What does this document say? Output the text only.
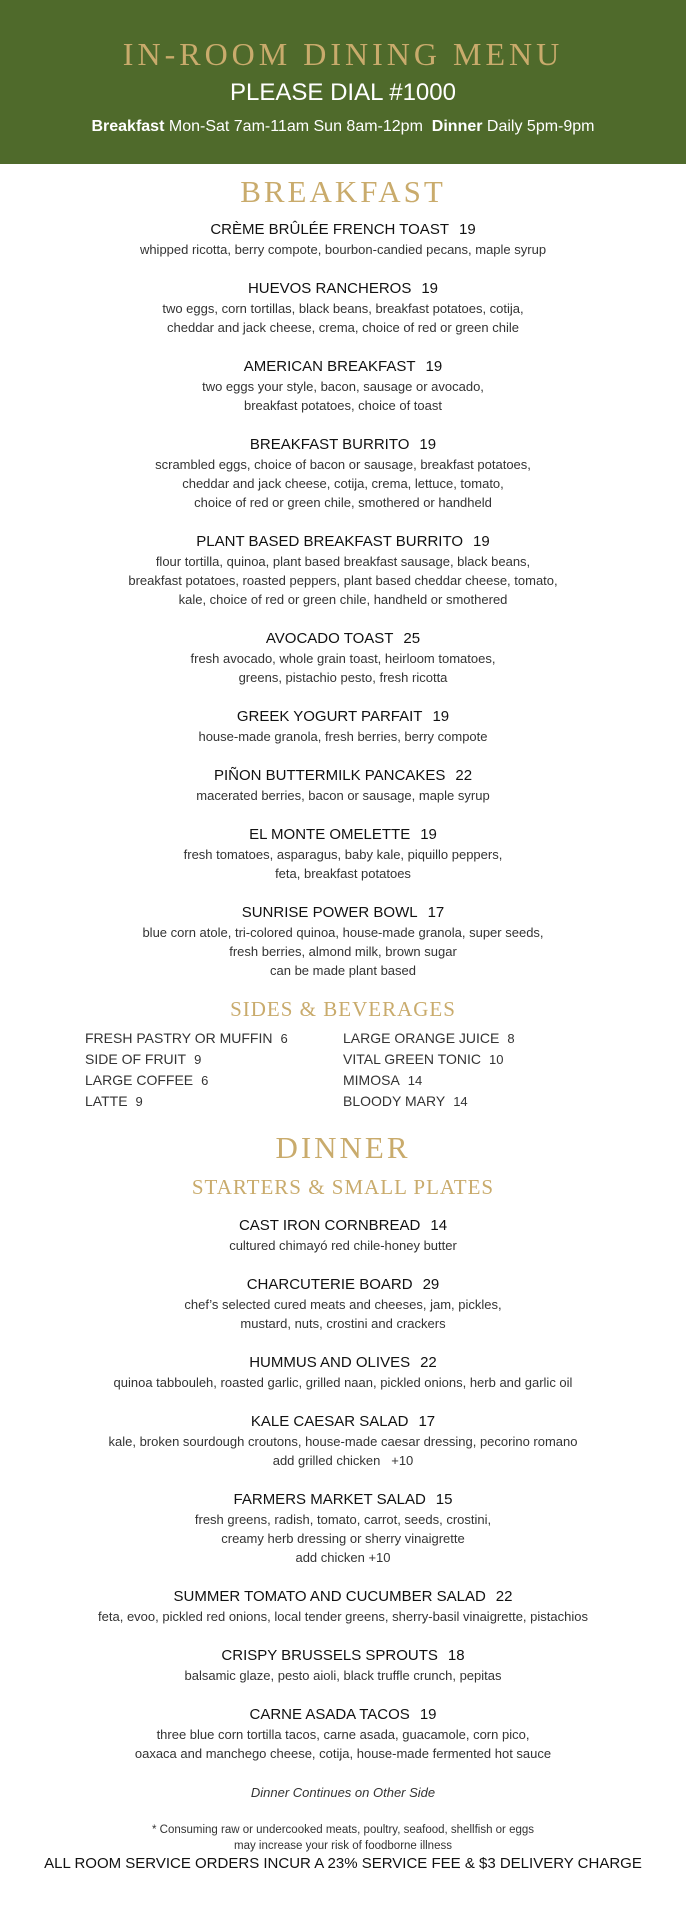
IN-ROOM DINING MENU
PLEASE DIAL #1000
Breakfast Mon-Sat 7am-11am Sun 8am-12pm Dinner Daily 5pm-9pm
BREAKFAST
CRÈME BRÛLÉE FRENCH TOAST 19
whipped ricotta, berry compote, bourbon-candied pecans, maple syrup
HUEVOS RANCHEROS 19
two eggs, corn tortillas, black beans, breakfast potatoes, cotija,
cheddar and jack cheese, crema, choice of red or green chile
AMERICAN BREAKFAST 19
two eggs your style, bacon, sausage or avocado,
breakfast potatoes, choice of toast
BREAKFAST BURRITO 19
scrambled eggs, choice of bacon or sausage, breakfast potatoes,
cheddar and jack cheese, cotija, crema, lettuce, tomato,
choice of red or green chile, smothered or handheld
PLANT BASED BREAKFAST BURRITO 19
flour tortilla, quinoa, plant based breakfast sausage, black beans,
breakfast potatoes, roasted peppers, plant based cheddar cheese, tomato,
kale, choice of red or green chile, handheld or smothered
AVOCADO TOAST 25
fresh avocado, whole grain toast, heirloom tomatoes,
greens, pistachio pesto, fresh ricotta
GREEK YOGURT PARFAIT 19
house-made granola, fresh berries, berry compote
PIÑON BUTTERMILK PANCAKES 22
macerated berries, bacon or sausage, maple syrup
EL MONTE OMELETTE 19
fresh tomatoes, asparagus, baby kale, piquillo peppers,
feta, breakfast potatoes
SUNRISE POWER BOWL 17
blue corn atole, tri-colored quinoa, house-made granola, super seeds,
fresh berries, almond milk, brown sugar
can be made plant based
SIDES & BEVERAGES
FRESH PASTRY OR MUFFIN 6
SIDE OF FRUIT 9
LARGE COFFEE 6
LATTE 9
LARGE ORANGE JUICE 8
VITAL GREEN TONIC 10
MIMOSA 14
BLOODY MARY 14
DINNER
STARTERS & SMALL PLATES
CAST IRON CORNBREAD 14
cultured chimayó red chile-honey butter
CHARCUTERIE BOARD 29
chef’s selected cured meats and cheeses, jam, pickles,
mustard, nuts, crostini and crackers
HUMMUS AND OLIVES 22
quinoa tabbouleh, roasted garlic, grilled naan, pickled onions, herb and garlic oil
KALE CAESAR SALAD 17
kale, broken sourdough croutons, house-made caesar dressing, pecorino romano
add grilled chicken   +10
FARMERS MARKET SALAD 15
fresh greens, radish, tomato, carrot, seeds, crostini,
creamy herb dressing or sherry vinaigrette
add chicken +10
SUMMER TOMATO AND CUCUMBER SALAD 22
feta, evoo, pickled red onions, local tender greens, sherry-basil vinaigrette, pistachios
CRISPY BRUSSELS SPROUTS 18
balsamic glaze, pesto aioli, black truffle crunch, pepitas
CARNE ASADA TACOS 19
three blue corn tortilla tacos, carne asada, guacamole, corn pico,
oaxaca and manchego cheese, cotija, house-made fermented hot sauce
Dinner Continues on Other Side
* Consuming raw or undercooked meats, poultry, seafood, shellfish or eggs
may increase your risk of foodborne illness
ALL ROOM SERVICE ORDERS INCUR A 23% SERVICE FEE & $3 DELIVERY CHARGE
